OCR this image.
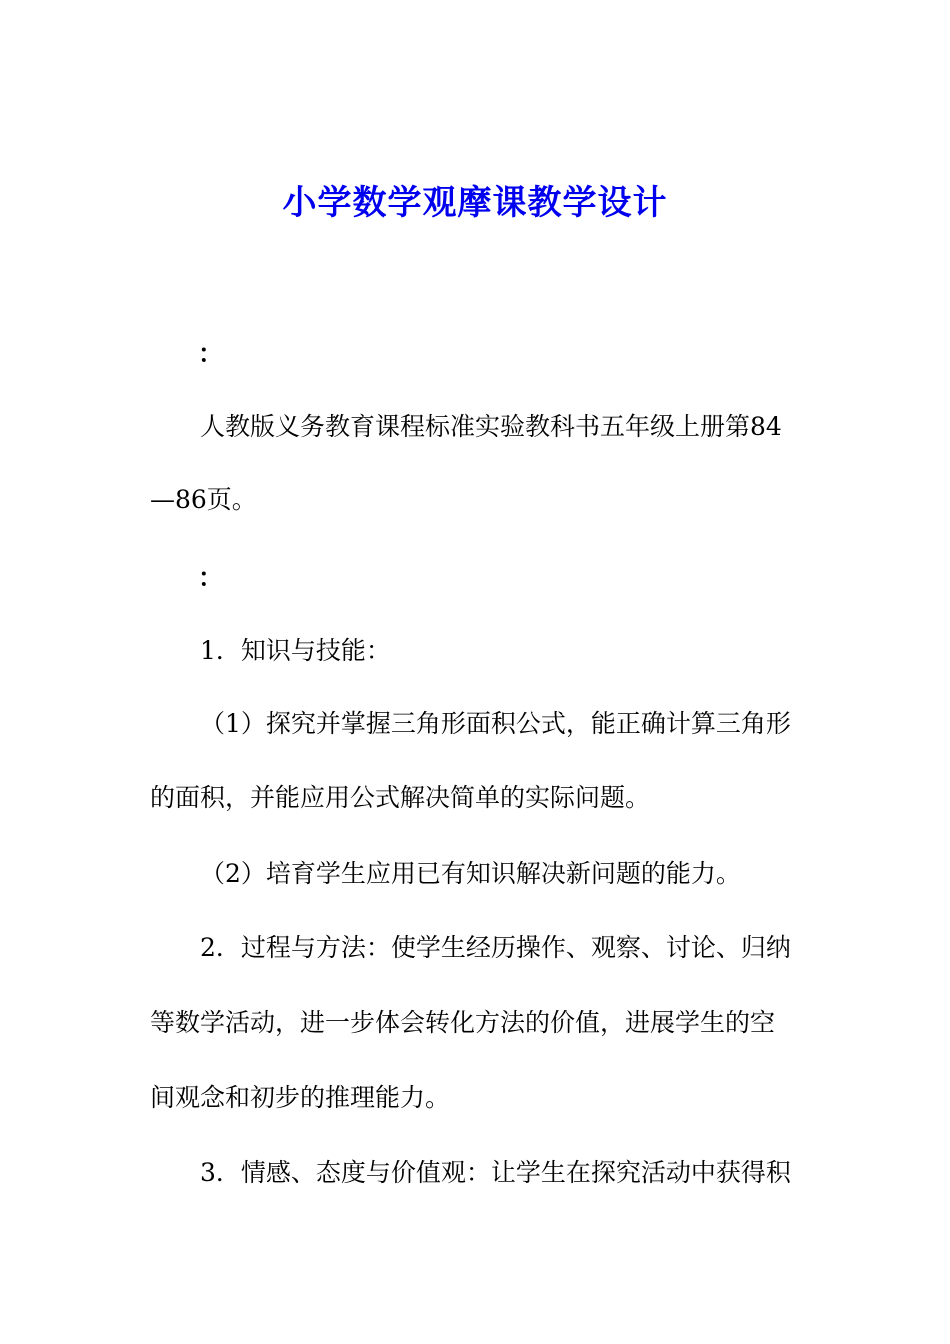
小学数学观摩课教学设计

：

人教版义务教育课程标准实验教科书五年级上册第84

—86页。

：

1．知识与技能：

（1）探究并掌握三角形面积公式，能正确计算三角形

的面积，并能应用公式解决简单的实际问题。

（2）培育学生应用已有知识解决新问题的能力。

2．过程与方法：使学生经历操作、观察、讨论、归纳

等数学活动，进一步体会转化方法的价值，进展学生的空

间观念和初步的推理能力。

3．情感、态度与价值观：让学生在探究活动中获得积
